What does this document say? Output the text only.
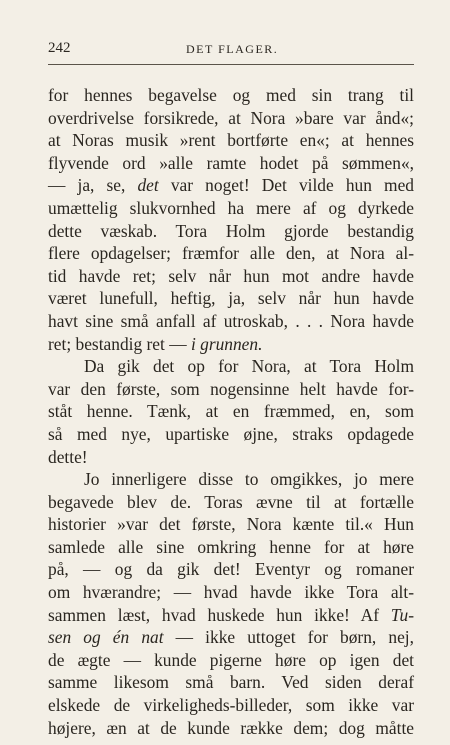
242	DET FLAGER.
for hennes begavelse og med sin trang til
overdrivelse forsikrede, at Nora »bare var ånd«;
at Noras musik »rent bortførte en«; at hennes
flyvende ord »alle ramte hodet på sømmen«,
— ja, se, det var noget! Det vilde hun med
umættelig slukvornhed ha mere af og dyrkede
dette væskab. Tora Holm gjorde bestandig
flere opdagelser; fræmfor alle den, at Nora al-
tid havde ret; selv når hun mot andre havde
været lunefull, heftig, ja, selv når hun havde
havt sine små anfall af utroskab, . . . Nora havde
ret; bestandig ret — i grunnen.
Da gik det op for Nora, at Tora Holm
var den første, som nogensinne helt havde for-
ståt henne. Tænk, at en fræmmed, en, som
så med nye, upartiske øjne, straks opdagede
dette!
Jo innerligere disse to omgikkes, jo mere
begavede blev de. Toras ævne til at fortælle
historier »var det første, Nora kænte til.« Hun
samlede alle sine omkring henne for at høre
på, — og da gik det! Eventyr og romaner
om hværandre; — hvad havde ikke Tora alt-
sammen læst, hvad huskede hun ikke! Af Tu-
sen og én nat — ikke uttoget for børn, nej,
de ægte — kunde pigerne høre op igen det
samme likesom små barn. Ved siden deraf
elskede de virkeligheds-billeder, som ikke var
højere, æn at de kunde række dem; dog måtte
